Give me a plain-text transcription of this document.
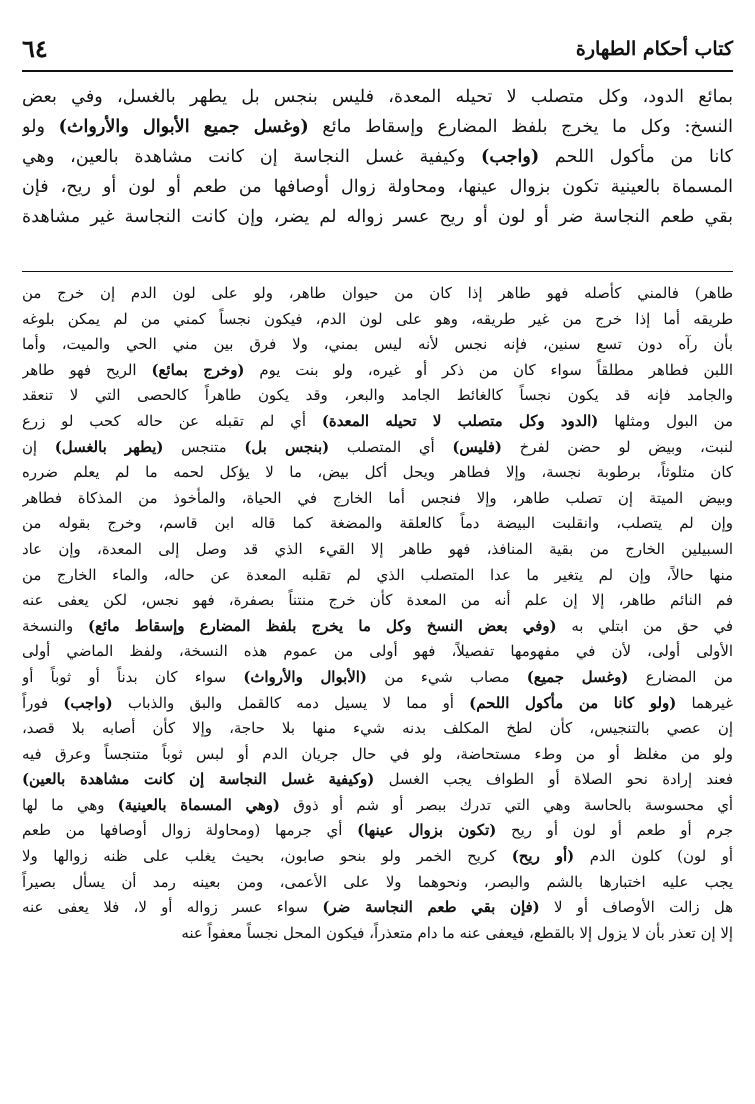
٦٤	كتاب أحكام الطهارة
بمائع الدود، وكل متصلب لا تحيله المعدة، فليس بنجس بل يطهر بالغسل، وفي بعض
النسخ: وكل ما يخرج بلفظ المضارع وإسقاط مائع (وغسل جميع الأبوال والأرواث) ولو
كانا من مأكول اللحم (واجب) وكيفية غسل النجاسة إن كانت مشاهدة بالعين، وهي
المسماة بالعينية تكون بزوال عينها، ومحاولة زوال أوصافها من طعم أو لون أو ريح، فإن
بقي طعم النجاسة ضر أو لون أو ريح عسر زواله لم يضر، وإن كانت النجاسة غير مشاهدة
طاهر) فالمني كأصله فهو طاهر إذا كان من حيوان طاهر، ولو على لون الدم إن خرج من
طريقه أما إذا خرج من غير طريقه، وهو على لون الدم، فيكون نجساً كمني من لم يمكن بلوغه
بأن رآه دون تسع سنين، فإنه نجس لأنه ليس بمني، ولا فرق بين مني الحي والميت، وأما
اللبن فطاهر مطلقاً سواء كان من ذكر أو غيره، ولو بنت يوم (وخرج بمائع) الريح فهو طاهر
والجامد فإنه قد يكون نجساً كالغائط الجامد والبعر، وقد يكون طاهراً كالحصى التي لا تنعقد
من البول ومثلها (الدود وكل متصلب لا تحيله المعدة) أي لم تقبله عن حاله كحب لو زرع
لنبت، وبيض لو حضن لفرخ (فليس) أي المتصلب (بنجس بل) متنجس (يطهر بالغسل) إن
كان متلوثاً، برطوبة نجسة، وإلا فطاهر ويحل أكل بيض، ما لا يؤكل لحمه ما لم يعلم ضرره
وبيض الميتة إن تصلب طاهر، وإلا فنجس أما الخارج في الحياة، والمأخوذ من المذكاة فطاهر
وإن لم يتصلب، وانقلبت البيضة دماً كالعلقة والمضغة كما قاله ابن قاسم، وخرج بقوله من
السبيلين الخارج من بقية المنافذ، فهو طاهر إلا القيء الذي قد وصل إلى المعدة، وإن عاد
منها حالاً، وإن لم يتغير ما عدا المتصلب الذي لم تقلبه المعدة عن حاله، والماء الخارج من
فم النائم طاهر، إلا إن علم أنه من المعدة كأن خرج منتناً بصفرة، فهو نجس، لكن يعفى عنه
في حق من ابتلي به (وفي بعض النسخ وكل ما يخرج بلفظ المضارع وإسقاط مائع) والنسخة
الأولى أولى، لأن في مفهومها تفصيلاً، فهو أولى من عموم هذه النسخة، ولفظ الماضي أولى
من المضارع (وغسل جميع) مصاب شيء من (الأبوال والأرواث) سواء كان بدناً أو ثوباً أو
غيرهما (ولو كانا من مأكول اللحم) أو مما لا يسيل دمه كالقمل والبق والذباب (واجب) فوراً
إن عصي بالتنجيس، كأن لطخ المكلف بدنه شيء منها بلا حاجة، وإلا كأن أصابه بلا قصد،
ولو من مغلظ أو من وطء مستحاضة، ولو في حال جريان الدم أو لبس ثوباً متنجساً وعرق فيه
فعند إرادة نحو الصلاة أو الطواف يجب الغسل (وكيفية غسل النجاسة إن كانت مشاهدة بالعين)
أي محسوسة بالحاسة وهي التي تدرك ببصر أو شم أو ذوق (وهي المسماة بالعينية) وهي ما لها
جرم أو طعم أو لون أو ريح (تكون بزوال عينها) أي جرمها (ومحاولة زوال أوصافها من طعم
أو لون) كلون الدم (أو ريح) كريح الخمر ولو بنحو صابون، بحيث يغلب على ظنه زوالها ولا
يجب عليه اختبارها بالشم والبصر، ونحوهما ولا على الأعمى، ومن بعينه رمد أن يسأل بصيراً
هل زالت الأوصاف أو لا (فإن بقي طعم النجاسة ضر) سواء عسر زواله أو لا، فلا يعفى عنه
إلا إن تعذر بأن لا يزول إلا بالقطع، فيعفى عنه ما دام متعذراً، فيكون المحل نجساً معفواً عنه
